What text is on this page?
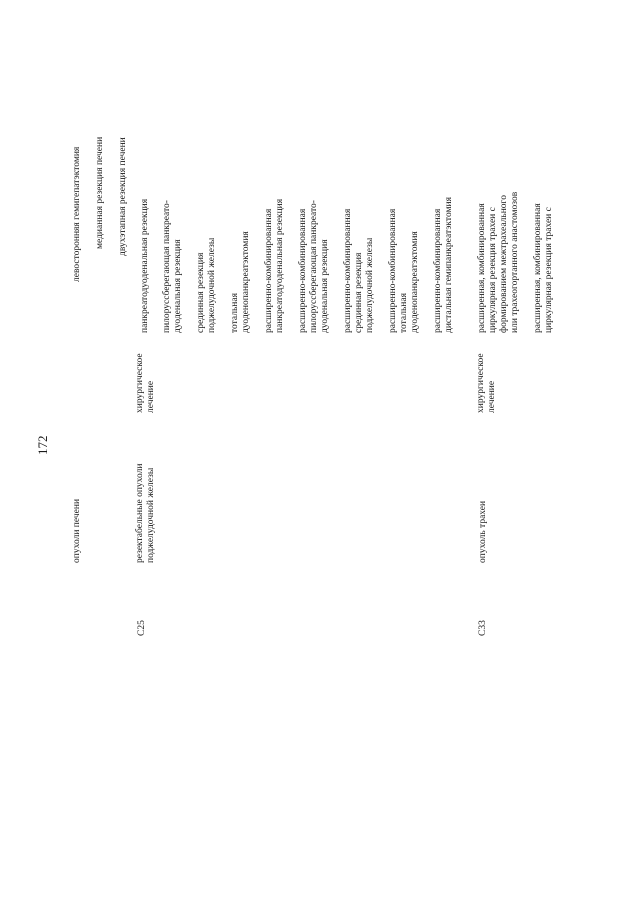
172
опухоли печени
левосторонняя гемигепатэктомия медианная резекция печени двухэтапная резекция печени
C25
резектабельные опухоли поджелудочной железы
хирургическое лечение
панкреатодуоденальная резекция пилоруссберегающая панкреато- дуоденальная резекция срединная резекция поджелудочной железы тотальная дуоденопанкреатэктомия расширенно-комбинированная панкреатодуоденальная резекция расширенно-комбинированная пилоруссберегающая панкреато- дуоденальная резекция расширенно-комбинированная срединная резекция поджелудочной железы расширенно-комбинированная тотальная дуоденопанкреатэктомия расширенно-комбинированная дистальная гемипанкреатэктомия
C33
опухоль трахеи
хирургическое лечение
расширенная, комбинированная циркулярная резекция трахеи с формированием межтрахеального или трахеогортанного анастомозов расширенная, комбинированная циркулярная резекция трахеи с
